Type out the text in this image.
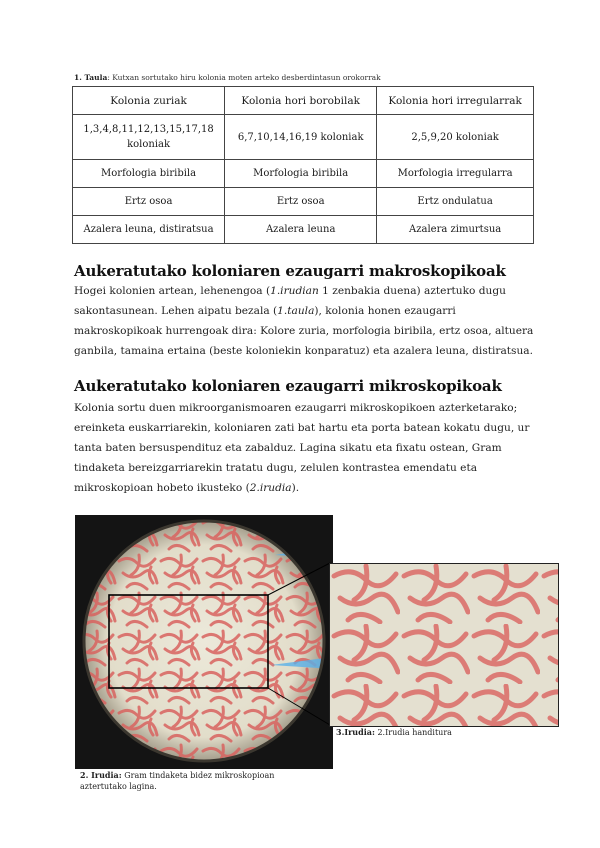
1. Taula: Kutxan sortutako hiru kolonia moten arteko desberdintasun orokorrak
Kolonia zuriak	Kolonia hori borobilak	Kolonia hori irregularrak
1,3,4,8,11,12,13,15,17,18 koloniak	6,7,10,14,16,19 koloniak	2,5,9,20 koloniak
Morfologia biribila	Morfologia biribila	Morfologia irregularra
Ertz osoa	Ertz osoa	Ertz ondulatua
Azalera leuna, distiratsua	Azalera leuna	Azalera zimurtsua
Aukeratutako koloniaren ezaugarri makroskopikoak

Hogei kolonien artean, lehenengoa (1.irudian 1 zenbakia duena) aztertuko dugu sakontasunean. Lehen aipatu bezala (1.taula), kolonia honen ezaugarri makroskopikoak hurrengoak dira: Kolore zuria, morfologia biribila, ertz osoa, altuera ganbila, tamaina ertaina (beste koloniekin konparatuz) eta azalera leuna, distiratsua.

Aukeratutako koloniaren ezaugarri mikroskopikoak

Kolonia sortu duen mikroorganismoaren ezaugarri mikroskopikoen azterketarako; ereinketa euskarriarekin, koloniaren zati bat hartu eta porta batean kokatu dugu, ur tanta baten bersuspendituz eta zabalduz. Lagina sikatu eta fixatu ostean, Gram tindaketa bereizgarriarekin tratatu dugu, zelulen kontrastea emendatu eta mikroskopioan hobeto ikusteko (2.irudia).

3.Irudia: 2.Irudia handitura
2. Irudia: Gram tindaketa bidez mikroskopioan aztertutako lagina.
